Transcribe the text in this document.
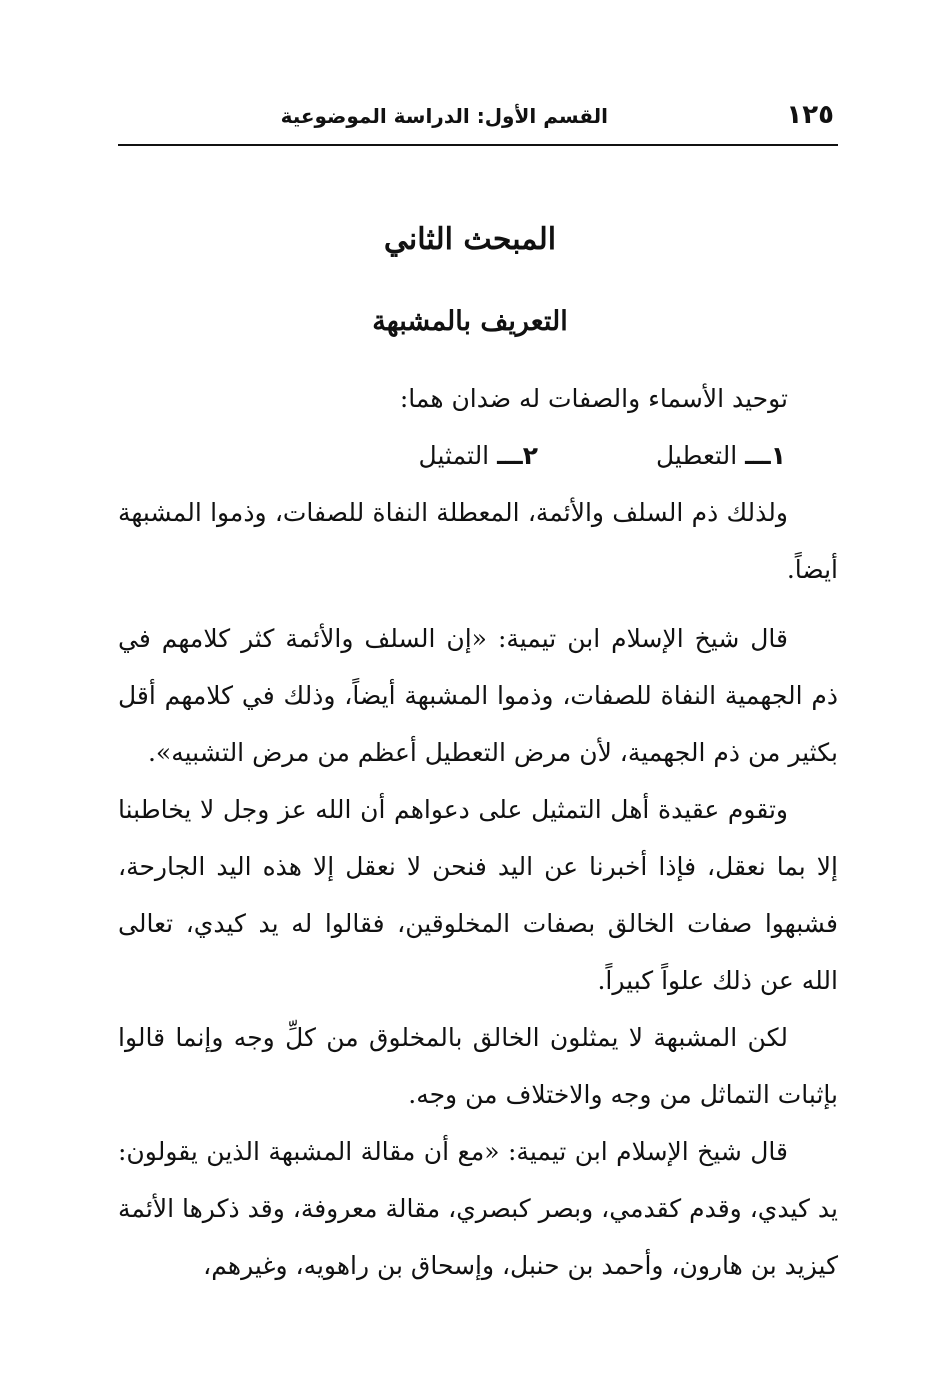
١٢٥
القسم الأول: الدراسة الموضوعية
المبحث الثاني
التعريف بالمشبهة

توحيد الأسماء والصفات له ضدان هما:

١ـــ التعطيل
٢ـــ التمثيل

ولذلك ذم السلف والأئمة، المعطلة النفاة للصفات، وذموا المشبهة أيضاً.

قال شيخ الإسلام ابن تيمية: «إن السلف والأئمة كثر كلامهم في ذم الجهمية النفاة للصفات، وذموا المشبهة أيضاً، وذلك في كلامهم أقل بكثير من ذم الجهمية، لأن مرض التعطيل أعظم من مرض التشبيه».

وتقوم عقيدة أهل التمثيل على دعواهم أن الله عز وجل لا يخاطبنا إلا بما نعقل، فإذا أخبرنا عن اليد فنحن لا نعقل إلا هذه اليد الجارحة، فشبهوا صفات الخالق بصفات المخلوقين، فقالوا له يد كيدي، تعالى الله عن ذلك علواً كبيراً.

لكن المشبهة لا يمثلون الخالق بالمخلوق من كلِّ وجه وإنما قالوا بإثبات التماثل من وجه والاختلاف من وجه.

قال شيخ الإسلام ابن تيمية: «مع أن مقالة المشبهة الذين يقولون: يد كيدي، وقدم كقدمي، وبصر كبصري، مقالة معروفة، وقد ذكرها الأئمة كيزيد بن هارون، وأحمد بن حنبل، وإسحاق بن راهويه، وغيرهم،
